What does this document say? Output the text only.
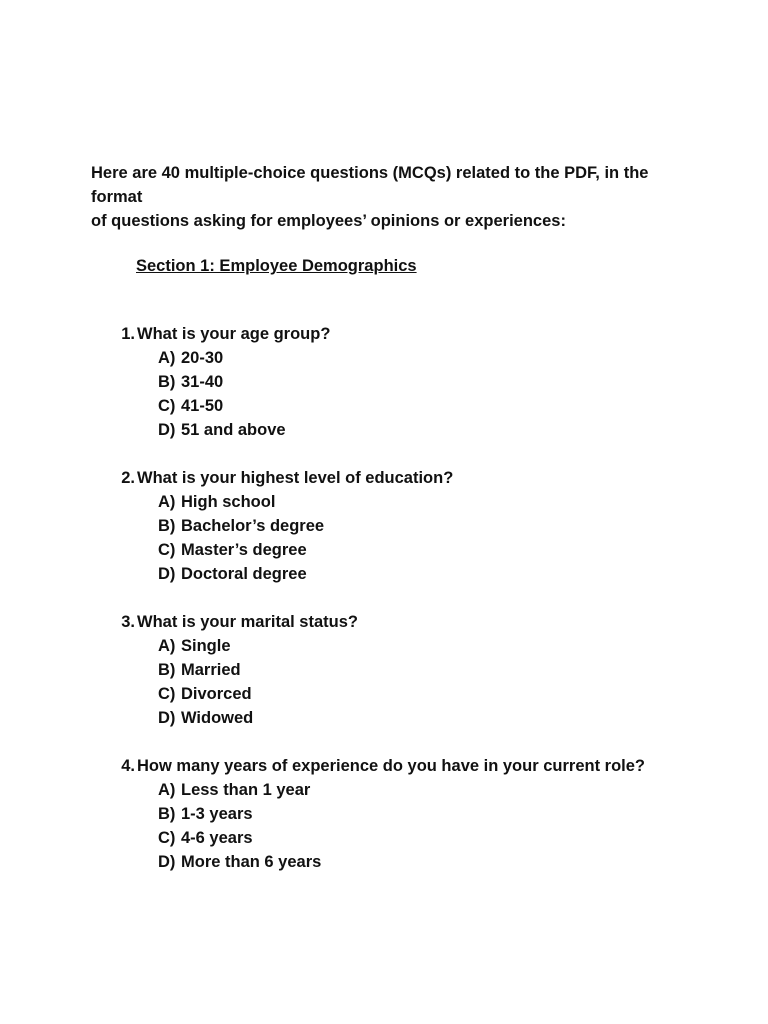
Here are 40 multiple-choice questions (MCQs) related to the PDF, in the format
of questions asking for employees’ opinions or experiences:
Section 1: Employee Demographics
1. What is your age group?
A) 20-30
B) 31-40
C) 41-50
D) 51 and above
2. What is your highest level of education?
A) High school
B) Bachelor’s degree
C) Master’s degree
D) Doctoral degree
3. What is your marital status?
A) Single
B) Married
C) Divorced
D) Widowed
4. How many years of experience do you have in your current role?
A) Less than 1 year
B) 1-3 years
C) 4-6 years
D) More than 6 years
